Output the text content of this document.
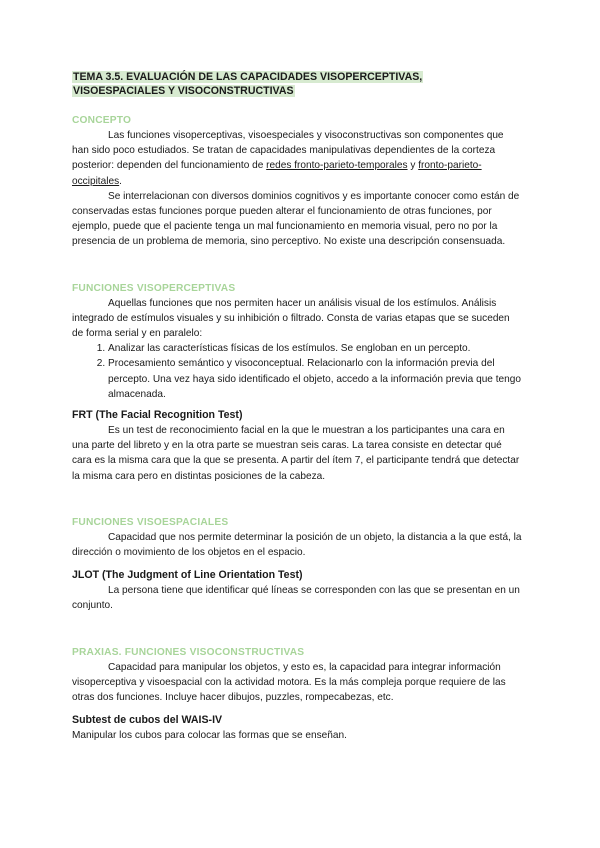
TEMA 3.5. EVALUACIÓN DE LAS CAPACIDADES VISOPERCEPTIVAS,
VISOESPACIALES Y VISOCONSTRUCTIVAS
CONCEPTO

Las funciones visoperceptivas, visoespeciales y visoconstructivas son componentes que han sido poco estudiados. Se tratan de capacidades manipulativas dependientes de la corteza posterior: dependen del funcionamiento de redes fronto-parieto-temporales y fronto-parieto-occipitales.

Se interrelacionan con diversos dominios cognitivos y es importante conocer como están de conservadas estas funciones porque pueden alterar el funcionamiento de otras funciones, por ejemplo, puede que el paciente tenga un mal funcionamiento en memoria visual, pero no por la presencia de un problema de memoria, sino perceptivo. No existe una descripción consensuada.

FUNCIONES VISOPERCEPTIVAS

Aquellas funciones que nos permiten hacer un análisis visual de los estímulos. Análisis integrado de estímulos visuales y su inhibición o filtrado. Consta de varias etapas que se suceden de forma serial y en paralelo:

1. Analizar las características físicas de los estímulos. Se engloban en un percepto.
2. Procesamiento semántico y visoconceptual. Relacionarlo con la información previa del percepto. Una vez haya sido identificado el objeto, accedo a la información previa que tengo almacenada.
FRT (The Facial Recognition Test)

Es un test de reconocimiento facial en la que le muestran a los participantes una cara en una parte del libreto y en la otra parte se muestran seis caras. La tarea consiste en detectar qué cara es la misma cara que la que se presenta. A partir del ítem 7, el participante tendrá que detectar la misma cara pero en distintas posiciones de la cabeza.

FUNCIONES VISOESPACIALES

Capacidad que nos permite determinar la posición de un objeto, la distancia a la que está, la dirección o movimiento de los objetos en el espacio.

JLOT (The Judgment of Line Orientation Test)

La persona tiene que identificar qué líneas se corresponden con las que se presentan en un conjunto.

PRAXIAS. FUNCIONES VISOCONSTRUCTIVAS

Capacidad para manipular los objetos, y esto es, la capacidad para integrar información visoperceptiva y visoespacial con la actividad motora. Es la más compleja porque requiere de las otras dos funciones. Incluye hacer dibujos, puzzles, rompecabezas, etc.

Subtest de cubos del WAIS-IV

Manipular los cubos para colocar las formas que se enseñan.
